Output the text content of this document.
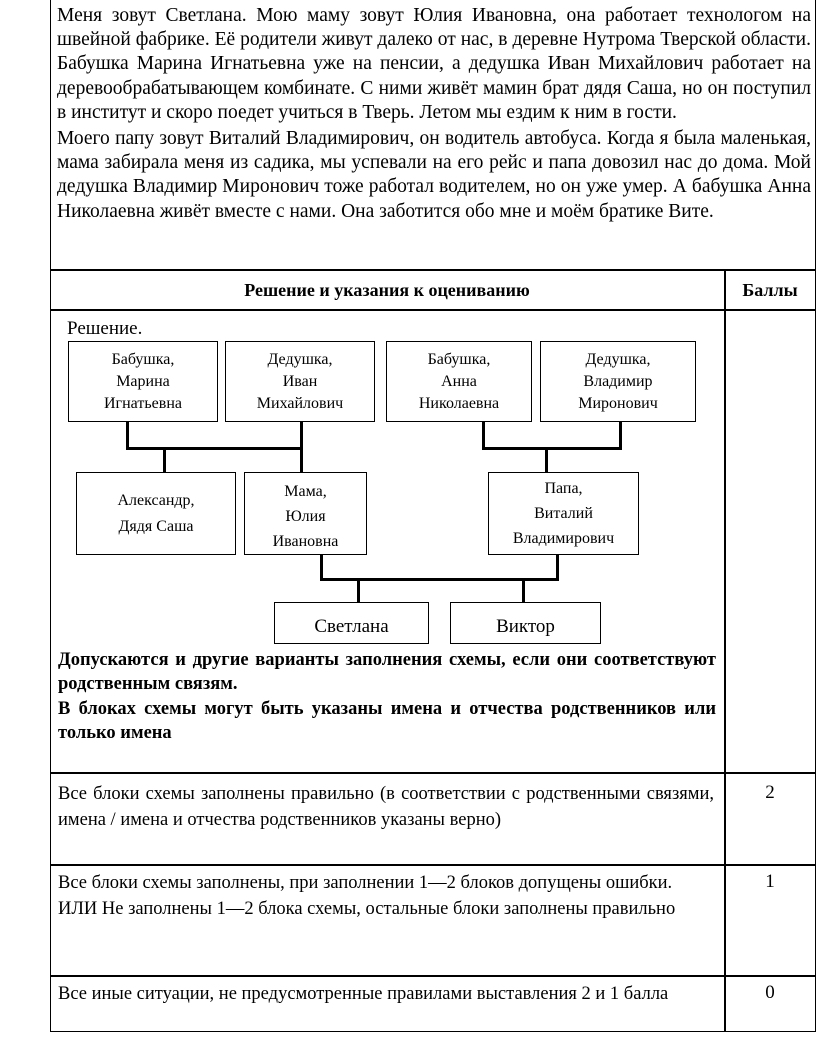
Меня зовут Светлана. Мою маму зовут Юлия Ивановна, она работает технологом на швейной фабрике. Её родители живут далеко от нас, в деревне Нутрома Тверской области. Бабушка Марина Игнатьевна уже на пенсии, а дедушка Иван Михайлович работает на деревообрабатывающем комбинате. С ними живёт мамин брат дядя Саша, но он поступил в институт и скоро поедет учиться в Тверь. Летом мы ездим к ним в гости.

Моего папу зовут Виталий Владимирович, он водитель автобуса. Когда я была маленькая, мама забирала меня из садика, мы успевали на его рейс и папа довозил нас до дома. Мой дедушка Владимир Миронович тоже работал водителем, но он уже умер. А бабушка Анна Николаевна живёт вместе с нами. Она заботится обо мне и моём братике Вите.

Решение и указания к оцениванию	Баллы
Решение.
Бабушка,
Марина
Игнатьевна
Дедушка,
Иван
Михайлович
Бабушка,
Анна
Николаевна
Дедушка,
Владимир
Миронович
Александр,
Дядя Саша
Мама,
Юлия
Ивановна
Папа,
Виталий
Владимирович
Светлана	Виктор
Допускаются и другие варианты заполнения схемы, если они соответствуют родственным связям.
В блоках схемы могут быть указаны имена и отчества родственников или только имена
Все блоки схемы заполнены правильно (в соответствии с родственными связями, имена / имена и отчества родственников указаны верно)
2
Все блоки схемы заполнены, при заполнении 1—2 блоков допущены ошибки.
ИЛИ Не заполнены 1—2 блока схемы, остальные блоки заполнены правильно
1
Все иные ситуации, не предусмотренные правилами выставления 2 и 1 балла	0
